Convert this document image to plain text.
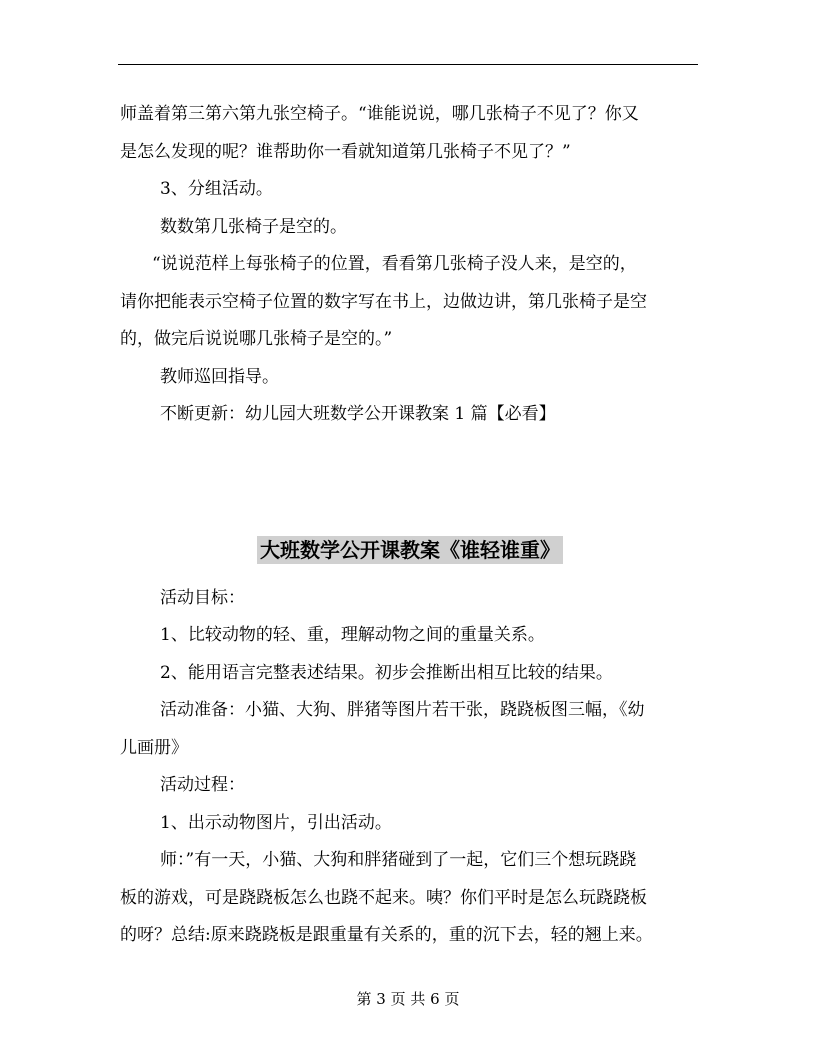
师盖着第三第六第九张空椅子。“谁能说说，哪几张椅子不见了？你又
是怎么发现的呢？谁帮助你一看就知道第几张椅子不见了？”
3、分组活动。
数数第几张椅子是空的。
“说说范样上每张椅子的位置，看看第几张椅子没人来，是空的，
请你把能表示空椅子位置的数字写在书上，边做边讲，第几张椅子是空
的，做完后说说哪几张椅子是空的。”
教师巡回指导。
不断更新：幼儿园大班数学公开课教案 1 篇【必看】
大班数学公开课教案《谁轻谁重》
活动目标：
1、比较动物的轻、重，理解动物之间的重量关系。
2、能用语言完整表述结果。初步会推断出相互比较的结果。
活动准备：小猫、大狗、胖猪等图片若干张，跷跷板图三幅，《幼
儿画册》
活动过程：
1、出示动物图片，引出活动。
师：”有一天，小猫、大狗和胖猪碰到了一起，它们三个想玩跷跷
板的游戏，可是跷跷板怎么也跷不起来。咦？你们平时是怎么玩跷跷板
的呀？总结:原来跷跷板是跟重量有关系的，重的沉下去，轻的翘上来。
第 3 页 共 6 页
